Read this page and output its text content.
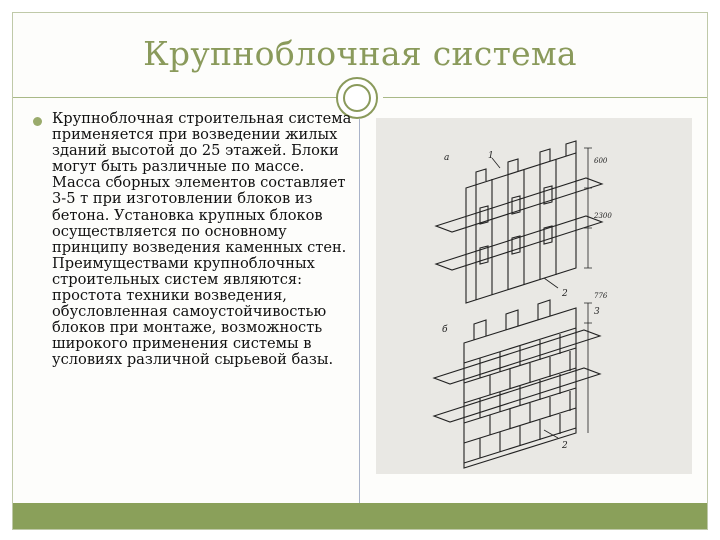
Крупноблочная система
Крупноблочная строительная система применяется при возведении жилых зданий высотой до 25 этажей. Блоки могут быть различные по массе. Масса сборных элементов составляет 3-5 т при изготовлении блоков из бетона. Установка крупных блоков осуществляется по основному принципу возведения каменных стен. Преимуществами крупноблочных строительных систем являются: простота техники возведения, обусловленная самоустойчивостью блоков при монтаже, возможность широкого применения системы в условиях различной сырьевой базы.
а
б
1
2
3
2
600
2300
776
